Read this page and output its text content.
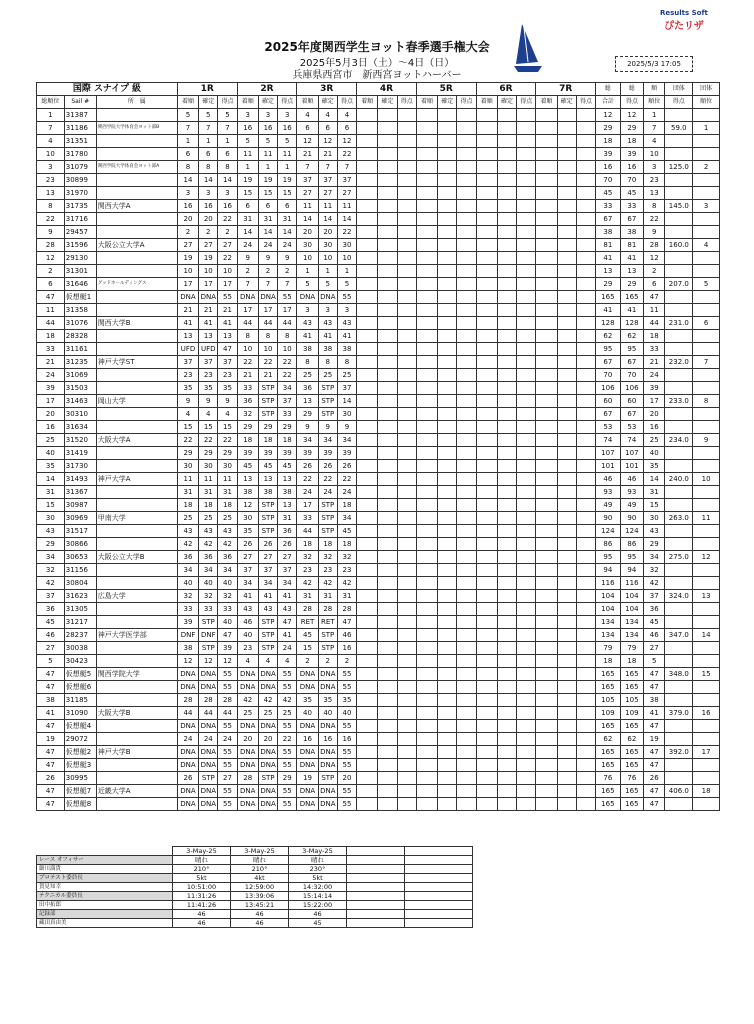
2025年度関西学生ヨット春季選手権大会
2025年5月3日（土）～4日（日）
兵庫県西宮市　新西宮ヨットハーバー
Results Soft
ぴたリザ
2025/5/3 17:05
国際 スナイプ 級			1R			2R			3R			4R			5R			6R			7R			総	総	順	団体	団体
総順位	Sail #	所　属	着順	確定	得点	着順	確定	得点	着順	確定	得点	着順	確定	得点	着順	確定	得点	着順	確定	得点	着順	確定	得点	合計	得点	順位	得点	順位
1	31387		5	5	5	3	3	3	4	4	4													12	12	1		
7	31186	関西学院大学体育会ヨット部B	7	7	7	16	16	16	6	6	6													29	29	7	59.0	1
4	31351		1	1	1	5	5	5	12	12	12													18	18	4		
10	31780		6	6	6	11	11	11	21	21	22													39	39	10		
3	31079	関西学院大学体育会ヨット部A	8	8	8	1	1	1	7	7	7													16	16	3	125.0	2
23	30899		14	14	14	19	19	19	37	37	37													70	70	23		
13	31970		3	3	3	15	15	15	27	27	27													45	45	13		
8	31735	関西大学A	16	16	16	6	6	6	11	11	11													33	33	8	145.0	3
22	31716		20	20	22	31	31	31	14	14	14													67	67	22		
9	29457		2	2	2	14	14	14	20	20	22													38	38	9		
28	31596	大阪公立大学A	27	27	27	24	24	24	30	30	30													81	81	28	160.0	4
12	29130		19	19	22	9	9	9	10	10	10													41	41	12		
2	31301		10	10	10	2	2	2	1	1	1													13	13	2		
6	31646	グッドホールディングス	17	17	17	7	7	7	5	5	5													29	29	6	207.0	5
47	仮想艇1		DNA	DNA	55	DNA	DNA	55	DNA	DNA	55													165	165	47		
11	31358		21	21	21	17	17	17	3	3	3													41	41	11		
44	31076	関西大学B	41	41	41	44	44	44	43	43	43													128	128	44	231.0	6
18	28328		13	13	13	8	8	8	41	41	41													62	62	18		
33	31161		UFD	UFD	47	10	10	10	38	38	38													95	95	33		
21	31235	神戸大学ST	37	37	37	22	22	22	8	8	8													67	67	21	232.0	7
24	31069		23	23	23	21	21	22	25	25	25													70	70	24		
39	31503		35	35	35	33	STP	34	36	STP	37													106	106	39		
17	31463	岡山大学	9	9	9	36	STP	37	13	STP	14													60	60	17	233.0	8
20	30310		4	4	4	32	STP	33	29	STP	30													67	67	20		
16	31634		15	15	15	29	29	29	9	9	9													53	53	16		
25	31520	大阪大学A	22	22	22	18	18	18	34	34	34													74	74	25	234.0	9
40	31419		29	29	29	39	39	39	39	39	39													107	107	40		
35	31730		30	30	30	45	45	45	26	26	26													101	101	35		
14	31493	神戸大学A	11	11	11	13	13	13	22	22	22													46	46	14	240.0	10
31	31367		31	31	31	38	38	38	24	24	24													93	93	31		
15	30987		18	18	18	12	STP	13	17	STP	18													49	49	15		
30	30969	甲南大学	25	25	25	30	STP	31	33	STP	34													90	90	30	263.0	11
43	31517		43	43	43	35	STP	36	44	STP	45													124	124	43		
29	30866		42	42	42	26	26	26	18	18	18													86	86	29		
34	30653	大阪公立大学B	36	36	36	27	27	27	32	32	32													95	95	34	275.0	12
32	31156		34	34	34	37	37	37	23	23	23													94	94	32		
42	30804		40	40	40	34	34	34	42	42	42													116	116	42		
37	31623	広島大学	32	32	32	41	41	41	31	31	31													104	104	37	324.0	13
36	31305		33	33	33	43	43	43	28	28	28													104	104	36		
45	31217		39	STP	40	46	STP	47	RET	RET	47													134	134	45		
46	28237	神戸大学医学部	DNF	DNF	47	40	STP	41	45	STP	46													134	134	46	347.0	14
27	30038		38	STP	39	23	STP	24	15	STP	16													79	79	27		
5	30423		12	12	12	4	4	4	2	2	2													18	18	5		
47	仮想艇5	関西学院大学	DNA	DNA	55	DNA	DNA	55	DNA	DNA	55													165	165	47	348.0	15
47	仮想艇6		DNA	DNA	55	DNA	DNA	55	DNA	DNA	55													165	165	47		
38	31185		28	28	28	42	42	42	35	35	35													105	105	38		
41	31090	大阪大学B	44	44	44	25	25	25	40	40	40													109	109	41	379.0	16
47	仮想艇4		DNA	DNA	55	DNA	DNA	55	DNA	DNA	55													165	165	47		
19	29072		24	24	24	20	20	22	16	16	16													62	62	19		
47	仮想艇2	神戸大学B	DNA	DNA	55	DNA	DNA	55	DNA	DNA	55													165	165	47	392.0	17
47	仮想艇3		DNA	DNA	55	DNA	DNA	55	DNA	DNA	55													165	165	47		
26	30995		26	STP	27	28	STP	29	19	STP	20													76	76	26		
47	仮想艇7	近畿大学A	DNA	DNA	55	DNA	DNA	55	DNA	DNA	55													165	165	47	406.0	18
47	仮想艇8		DNA	DNA	55	DNA	DNA	55	DNA	DNA	55													165	165	47		
	3-May-25	3-May-25	3-May-25			
レース オフィサー	晴れ	晴れ	晴れ			
細川満貴	210°	210°	230°			
プロテスト委員長	5kt	4kt	5kt			
賀見知幸	10:51:00	12:59:00	14:32:00			
テクニカル委員長	11:31:26	13:39:06	15:14:14			
田中拓郎	11:41:26	13:45:21	15:22:00			
記録部	46	46	46			
藏田真由美	46	46	45			
